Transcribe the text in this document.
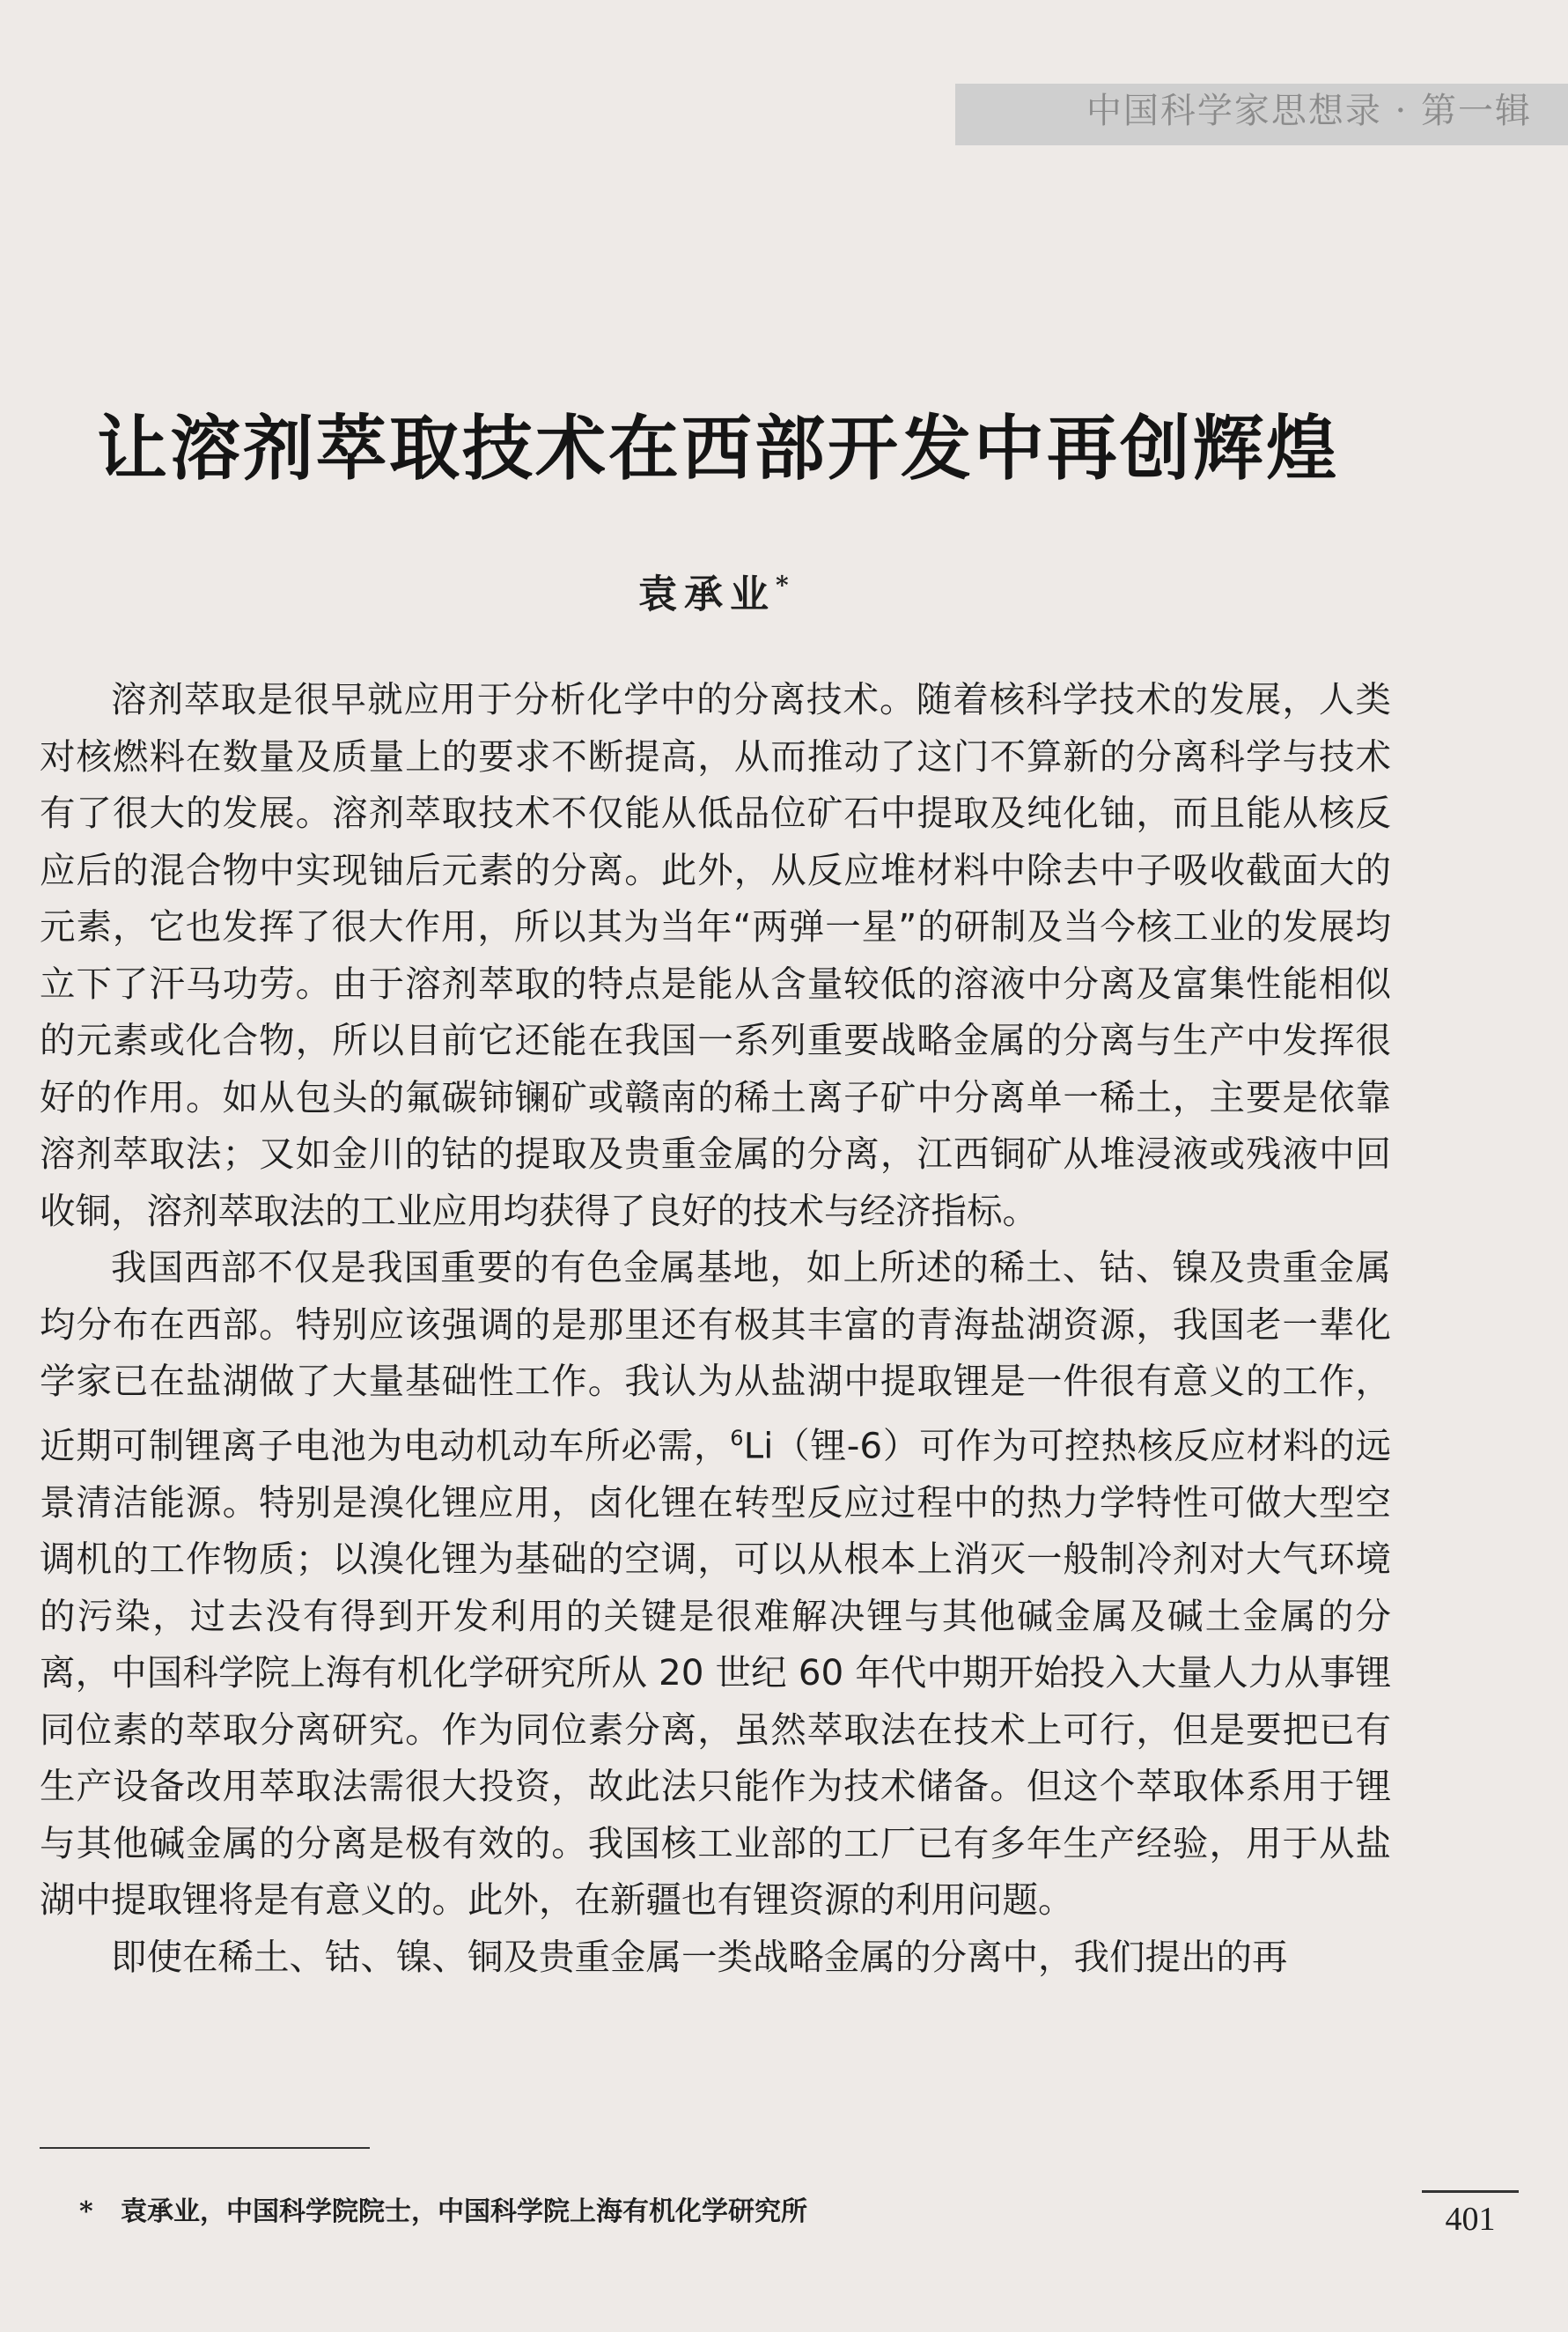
中国科学家思想录 · 第一辑
让溶剂萃取技术在西部开发中再创辉煌
袁承业*

溶剂萃取是很早就应用于分析化学中的分离技术。随着核科学技术的发展，人类对核燃料在数量及质量上的要求不断提高，从而推动了这门不算新的分离科学与技术有了很大的发展。溶剂萃取技术不仅能从低品位矿石中提取及纯化铀，而且能从核反应后的混合物中实现铀后元素的分离。此外，从反应堆材料中除去中子吸收截面大的元素，它也发挥了很大作用，所以其为当年“两弹一星”的研制及当今核工业的发展均立下了汗马功劳。由于溶剂萃取的特点是能从含量较低的溶液中分离及富集性能相似的元素或化合物，所以目前它还能在我国一系列重要战略金属的分离与生产中发挥很好的作用。如从包头的氟碳铈镧矿或赣南的稀土离子矿中分离单一稀土，主要是依靠溶剂萃取法；又如金川的钴的提取及贵重金属的分离，江西铜矿从堆浸液或残液中回收铜，溶剂萃取法的工业应用均获得了良好的技术与经济指标。

我国西部不仅是我国重要的有色金属基地，如上所述的稀土、钴、镍及贵重金属均分布在西部。特别应该强调的是那里还有极其丰富的青海盐湖资源，我国老一辈化学家已在盐湖做了大量基础性工作。我认为从盐湖中提取锂是一件很有意义的工作，近期可制锂离子电池为电动机动车所必需，$^6$Li（锂-6）可作为可控热核反应材料的远景清洁能源。特别是溴化锂应用，卤化锂在转型反应过程中的热力学特性可做大型空调机的工作物质；以溴化锂为基础的空调，可以从根本上消灭一般制冷剂对大气环境的污染，过去没有得到开发利用的关键是很难解决锂与其他碱金属及碱土金属的分离，中国科学院上海有机化学研究所从 20 世纪 60 年代中期开始投入大量人力从事锂同位素的萃取分离研究。作为同位素分离，虽然萃取法在技术上可行，但是要把已有生产设备改用萃取法需很大投资，故此法只能作为技术储备。但这个萃取体系用于锂与其他碱金属的分离是极有效的。我国核工业部的工厂已有多年生产经验，用于从盐湖中提取锂将是有意义的。此外，在新疆也有锂资源的利用问题。

即使在稀土、钴、镍、铜及贵重金属一类战略金属的分离中，我们提出的再

* 袁承业，中国科学院院士，中国科学院上海有机化学研究所	401
